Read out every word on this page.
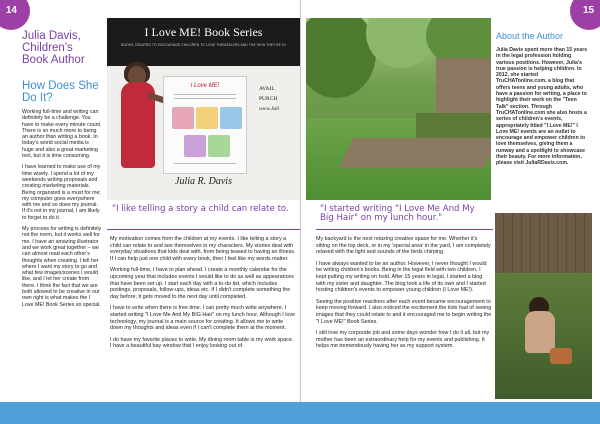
14	15
Julia Davis, Children's Book Author
How Does She Do It?
Working full-time and writing can definitely be a challenge. You have to make every minute count. There is so much more to being an author than writing a book. In today's world social media is huge and also a great marketing tool, but it is time consuming.
I have learned to make use of my time wisely. I spend a lot of my weekends writing proposals and creating marketing materials. Being organized is a must for me; my computer goes everywhere with me and so does my journal. If it's not in my journal, I am likely to forget to do it.
My process for writing is definitely not the norm, but it works well for me. I have an amazing illustrator and we work great together – we can almost read each other's thoughts when creating. I tell her where I want my story to go and what few images/scenes I would like, and I let her create from there. I think the fact that we are both allowed to be creative in our own right is what makes the I Love ME! Book Series so special.
I Love ME! Book Series
BOOKS CREATED TO ENCOURAGE CHILDREN TO LOVE THEMSELVES AND THE SKIN THEY'RE IN
I Love ME!	AVAIL
PURCH
www.Juli
Julia R. Davis
About the Author
Julia Davis spent more than 15 years in the legal profession holding various positions. However, Julia's true passion is helping children. In 2012, she started TruCHATonline.com, a blog that offers teens and young adults, who have a passion for writing, a place to highlight their work on the "Teen Talk" section. Through TruCHATonline.com she also hosts a series of children's events, appropriately titled "I Love ME!" I Love ME! events are an outlet to encourage and empower children to love themselves, giving them a runway and a spotlight to showcase their beauty. For more information, please visit JuliaRDavis.com.
"I like telling a story a child can relate to.	"I started writing "I Love Me And My Big Hair" on my lunch hour."
My motivation comes from the children at my events. I like telling a story a child can relate to and see themselves in my characters. My stories deal with everyday situations that kids deal with, from being teased to having an illness. If I can help just one child with every book, then I feel like my words matter.
Working full-time, I have to plan ahead. I create a monthly calendar for the upcoming year that includes events I would like to do as well as appearances that have been set up. I start each day with a to-do list, which includes postings, proposals, follow-ups, ideas etc. If I didn't complete something the day before, it gets moved to the next day until completed.
I have to write when there is free time. I can pretty much write anywhere. I started writing "I Love Me And My BIG Hair" on my lunch hour. Although I love technology, my journal is a main source for creating. It allows me to write down my thoughts and ideas even if I can't complete them at the moment.
I do have my favorite places to write. My dining room table is my work space. I have a beautiful bay window that I enjoy looking out of.
My backyard is the next relaxing creative space for me. Whether it's sitting on the top deck, or in my 'special area' in the yard, I am completely relaxed with the light and sounds of the birds chirping.
I have always wanted to be an author. However, I never thought I would be writing children's books. Being in the legal field with two children, I kept putting my writing on hold. After 15 years in legal, I started a blog with my sister and daughter. The blog took a life of its own and I started hosting children's events to empower young children (I Love ME!).
Seeing the positive reactions after each event became encouragement to keep moving forward. I also noticed the excitement the kids had of seeing images that they could relate to and it encouraged me to begin writing the "I Love ME!" Book Series.
I still love my corporate job and some days wonder how I do it all, but my mother has been an extraordinary help for my events and publishing. It helps me tremendously having her as my support system.
